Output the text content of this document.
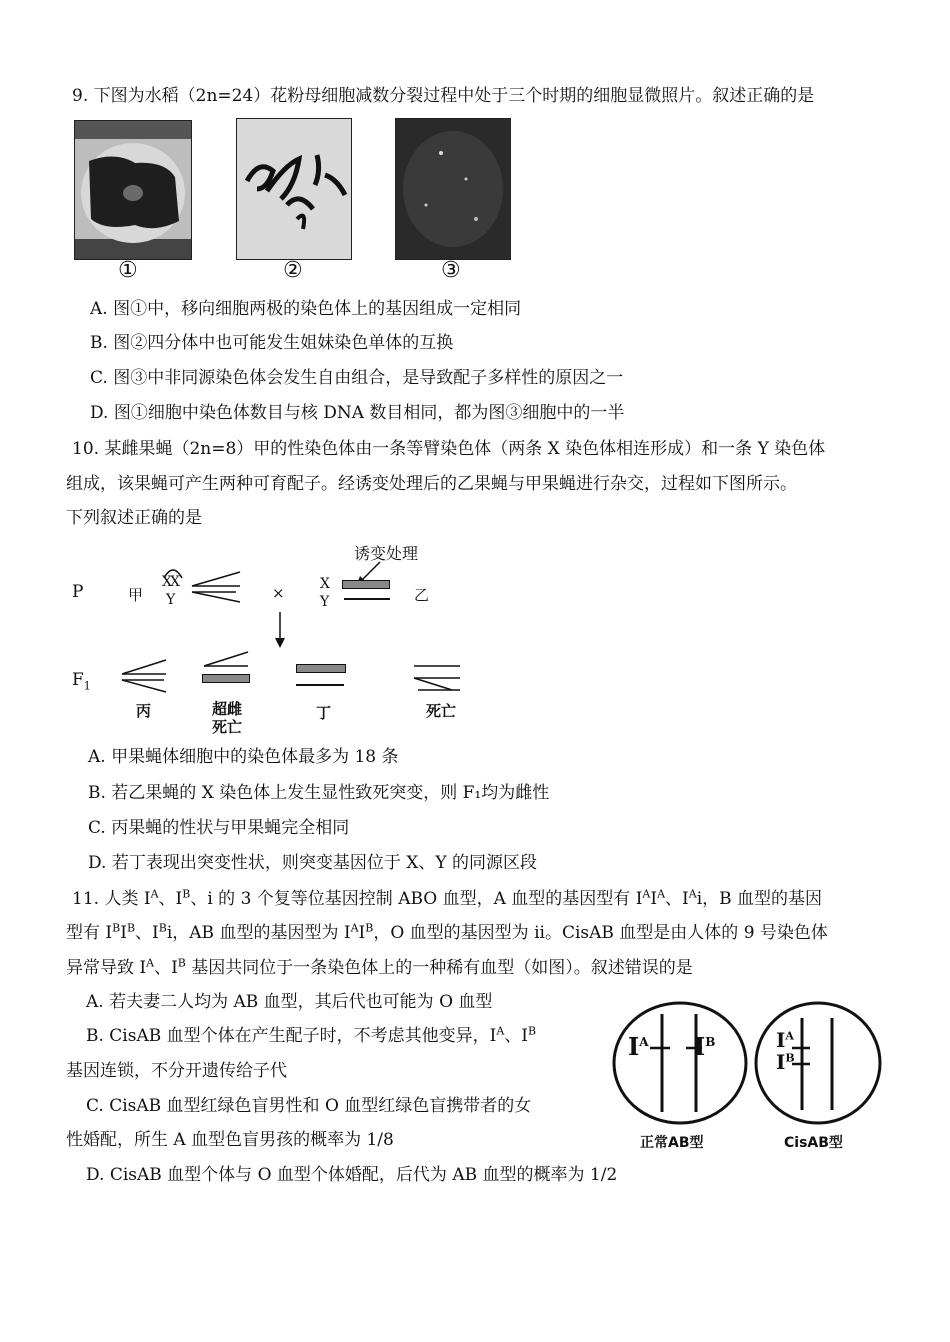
9. 下图为水稻（2n=24）花粉母细胞减数分裂过程中处于三个时期的细胞显微照片。叙述正确的是
①	②	③
A. 图①中，移向细胞两极的染色体上的基因组成一定相同
B. 图②四分体中也可能发生姐妹染色单体的互换
C. 图③中非同源染色体会发生自由组合，是导致配子多样性的原因之一
D. 图①细胞中染色体数目与核 DNA 数目相同，都为图③细胞中的一半
10. 某雌果蝇（2n=8）甲的性染色体由一条等臂染色体（两条 X 染色体相连形成）和一条 Y 染色体
组成，该果蝇可产生两种可育配子。经诱变处理后的乙果蝇与甲果蝇进行杂交，过程如下图所示。
下列叙述正确的是
诱变处理
P	甲
XX
Y	×	X
Y	乙
$F_1$
丙	超雌
死亡
丁	死亡
A. 甲果蝇体细胞中的染色体最多为 18 条
B. 若乙果蝇的 X 染色体上发生显性致死突变，则 F₁均为雌性
C. 丙果蝇的性状与甲果蝇完全相同
D. 若丁表现出突变性状，则突变基因位于 X、Y 的同源区段
11. 人类 $I^A$、$I^B$、i 的 3 个复等位基因控制 ABO 血型，A 血型的基因型有 $I^AI^A$、$I^Ai$，B 血型的基因
型有 $I^BI^B$、$I^Bi$，AB 血型的基因型为 $I^AI^B$，O 血型的基因型为 ii。CisAB 血型是由人体的 9 号染色体
异常导致 $I^A$、$I^B$ 基因共同位于一条染色体上的一种稀有血型（如图）。叙述错误的是
A. 若夫妻二人均为 AB 血型，其后代也可能为 O 血型
B. CisAB 血型个体在产生配子时，不考虑其他变异，$I^A$、$I^B$
基因连锁，不分开遗传给子代
C. CisAB 血型红绿色盲男性和 O 血型红绿色盲携带者的女
性婚配，所生 A 血型色盲男孩的概率为 1/8
D. CisAB 血型个体与 O 血型个体婚配，后代为 AB 血型的概率为 1/2
$I^A$ $I^B$	$I^A$
$I^B$
正常AB型	CisAB型
